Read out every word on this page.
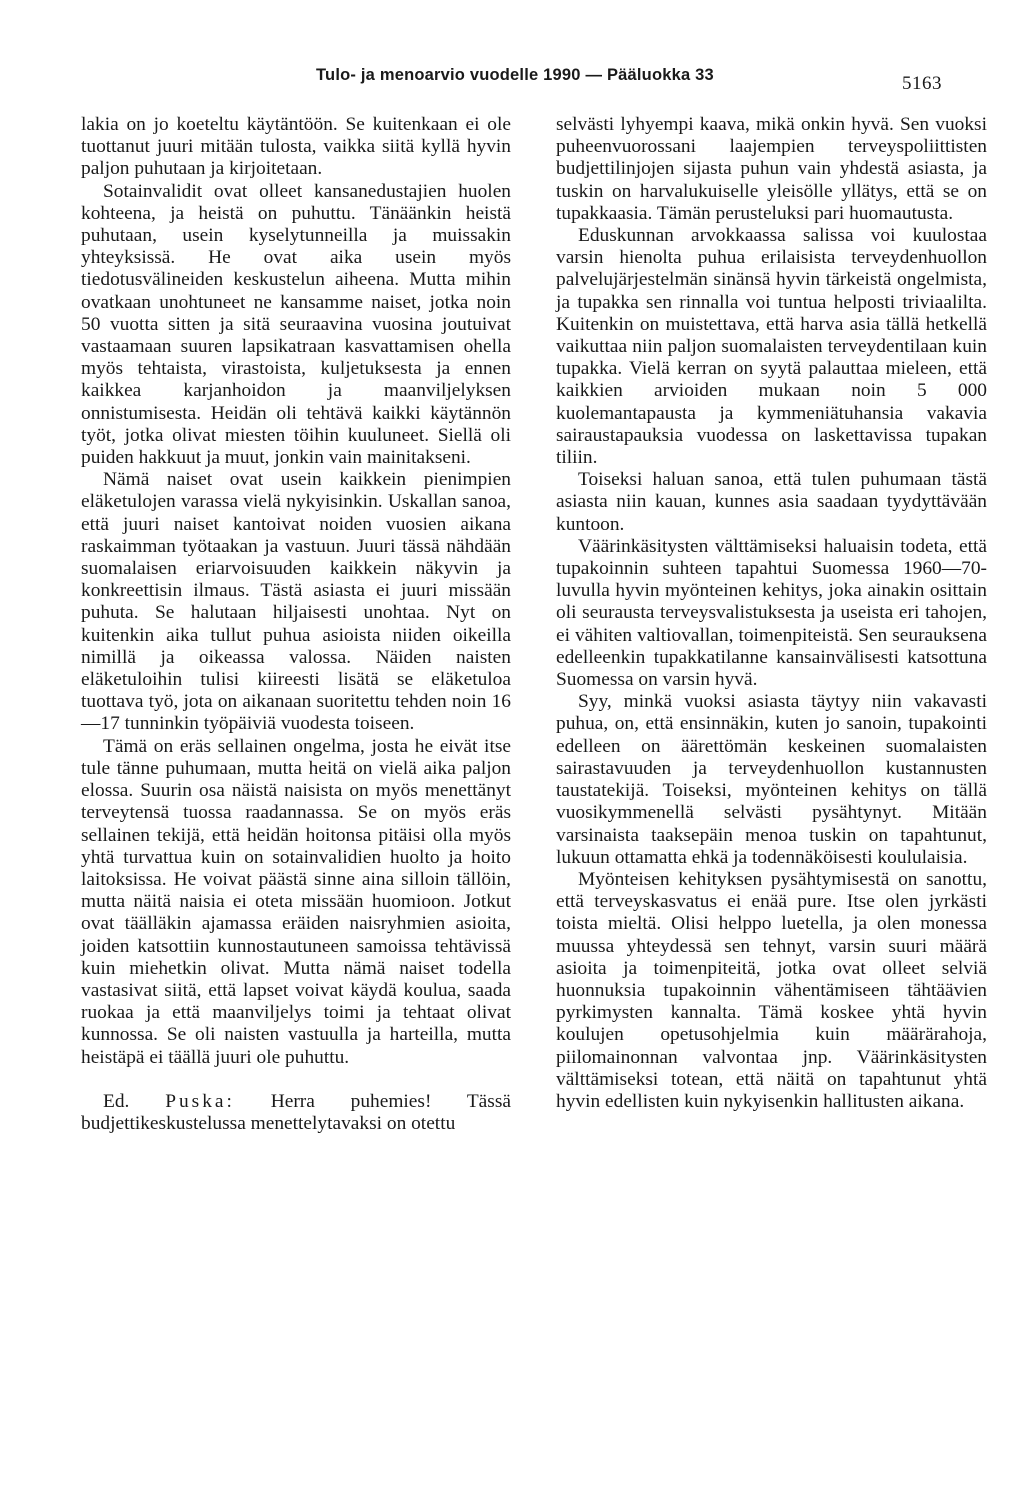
Tulo- ja menoarvio vuodelle 1990 — Pääluokka 33	5163

lakia on jo koeteltu käytäntöön. Se kuitenkaan ei ole tuottanut juuri mitään tulosta, vaikka siitä kyllä hyvin paljon puhutaan ja kirjoitetaan.

Sotainvalidit ovat olleet kansanedustajien huolen kohteena, ja heistä on puhuttu. Tänäänkin heistä puhutaan, usein kyselytunneilla ja muissakin yhteyksissä. He ovat aika usein myös tiedotusvälineiden keskustelun aiheena. Mutta mihin ovatkaan unohtuneet ne kansamme naiset, jotka noin 50 vuotta sitten ja sitä seuraavina vuosina joutuivat vastaamaan suuren lapsikatraan kasvattamisen ohella myös tehtaista, virastoista, kuljetuksesta ja ennen kaikkea karjanhoidon ja maanviljelyksen onnistumisesta. Heidän oli tehtävä kaikki käytännön työt, jotka olivat miesten töihin kuuluneet. Siellä oli puiden hakkuut ja muut, jonkin vain mainitakseni.

Nämä naiset ovat usein kaikkein pienimpien eläketulojen varassa vielä nykyisinkin. Uskallan sanoa, että juuri naiset kantoivat noiden vuosien aikana raskaimman työtaakan ja vastuun. Juuri tässä nähdään suomalaisen eriarvoisuuden kaikkein näkyvin ja konkreettisin ilmaus. Tästä asiasta ei juuri missään puhuta. Se halutaan hiljaisesti unohtaa. Nyt on kuitenkin aika tullut puhua asioista niiden oikeilla nimillä ja oikeassa valossa. Näiden naisten eläketuloihin tulisi kiireesti lisätä se eläketuloa tuottava työ, jota on aikanaan suoritettu tehden noin 16—17 tunninkin työpäiviä vuodesta toiseen.

Tämä on eräs sellainen ongelma, josta he eivät itse tule tänne puhumaan, mutta heitä on vielä aika paljon elossa. Suurin osa näistä naisista on myös menettänyt terveytensä tuossa raadannassa. Se on myös eräs sellainen tekijä, että heidän hoitonsa pitäisi olla myös yhtä turvattua kuin on sotainvalidien huolto ja hoito laitoksissa. He voivat päästä sinne aina silloin tällöin, mutta näitä naisia ei oteta missään huomioon. Jotkut ovat täälläkin ajamassa eräiden naisryhmien asioita, joiden katsottiin kunnostautuneen samoissa tehtävissä kuin miehetkin olivat. Mutta nämä naiset todella vastasivat siitä, että lapset voivat käydä koulua, saada ruokaa ja että maanviljelys toimi ja tehtaat olivat kunnossa. Se oli naisten vastuulla ja harteilla, mutta heistäpä ei täällä juuri ole puhuttu.

Ed. Puska: Herra puhemies! Tässä budjettikeskustelussa menettelytavaksi on otettu

selvästi lyhyempi kaava, mikä onkin hyvä. Sen vuoksi puheenvuorossani laajempien terveyspoliittisten budjettilinjojen sijasta puhun vain yhdestä asiasta, ja tuskin on harvalukuiselle yleisölle yllätys, että se on tupakkaasia. Tämän perusteluksi pari huomautusta.

Eduskunnan arvokkaassa salissa voi kuulostaa varsin hienolta puhua erilaisista terveydenhuollon palvelujärjestelmän sinänsä hyvin tärkeistä ongelmista, ja tupakka sen rinnalla voi tuntua helposti triviaalilta. Kuitenkin on muistettava, että harva asia tällä hetkellä vaikuttaa niin paljon suomalaisten terveydentilaan kuin tupakka. Vielä kerran on syytä palauttaa mieleen, että kaikkien arvioiden mukaan noin 5 000 kuolemantapausta ja kymmeniätuhansia vakavia sairaustapauksia vuodessa on laskettavissa tupakan tiliin.

Toiseksi haluan sanoa, että tulen puhumaan tästä asiasta niin kauan, kunnes asia saadaan tyydyttävään kuntoon.

Väärinkäsitysten välttämiseksi haluaisin todeta, että tupakoinnin suhteen tapahtui Suomessa 1960—70-luvulla hyvin myönteinen kehitys, joka ainakin osittain oli seurausta terveysvalistuksesta ja useista eri tahojen, ei vähiten valtiovallan, toimenpiteistä. Sen seurauksena edelleenkin tupakkatilanne kansainvälisesti katsottuna Suomessa on varsin hyvä.

Syy, minkä vuoksi asiasta täytyy niin vakavasti puhua, on, että ensinnäkin, kuten jo sanoin, tupakointi edelleen on äärettömän keskeinen suomalaisten sairastavuuden ja terveydenhuollon kustannusten taustatekijä. Toiseksi, myönteinen kehitys on tällä vuosikymmenellä selvästi pysähtynyt. Mitään varsinaista taaksepäin menoa tuskin on tapahtunut, lukuun ottamatta ehkä ja todennäköisesti koululaisia.

Myönteisen kehityksen pysähtymisestä on sanottu, että terveyskasvatus ei enää pure. Itse olen jyrkästi toista mieltä. Olisi helppo luetella, ja olen monessa muussa yhteydessä sen tehnyt, varsin suuri määrä asioita ja toimenpiteitä, jotka ovat olleet selviä huonnuksia tupakoinnin vähentämiseen tähtäävien pyrkimysten kannalta. Tämä koskee yhtä hyvin koulujen opetusohjelmia kuin määrärahoja, piilomainonnan valvontaa jnp. Väärinkäsitysten välttämiseksi totean, että näitä on tapahtunut yhtä hyvin edellisten kuin nykyisenkin hallitusten aikana.
